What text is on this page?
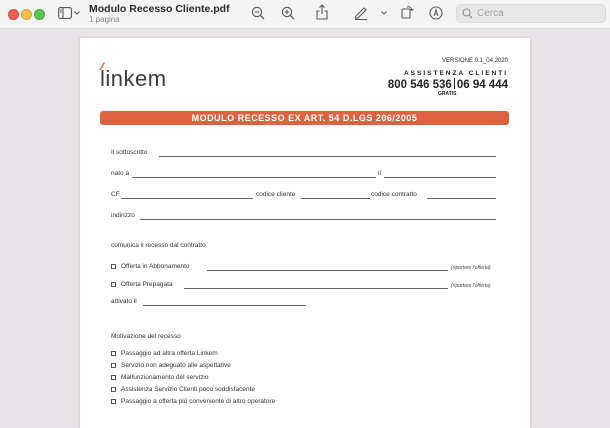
Modulo Recesso Cliente.pdf
1 pagina
Cerca
linkem
VERSIONE 0.1_04.2020
ASSISTENZA CLIENTI
800 546 536 06 94 444
GRATIS
MODULO RECESSO EX ART. 54 D.LGS 206/2005
Il sottoscritto
nato a	il
CF	codice cliente	codice contratto
indirizzo
comunica il recesso dal contratto
Offerta in Abbonamento	(riportare l'offerta)
Offerta Prepagata	(riportare l'offerta)
attivato il
Motivazione del recesso
Passaggio ad altra offerta Linkem
Servizio non adeguato alle aspettative
Malfunzionamento del servizio
Assistenza Servizio Clienti poco soddisfacente
Passaggio a offerta più conveniente di altro operatore
